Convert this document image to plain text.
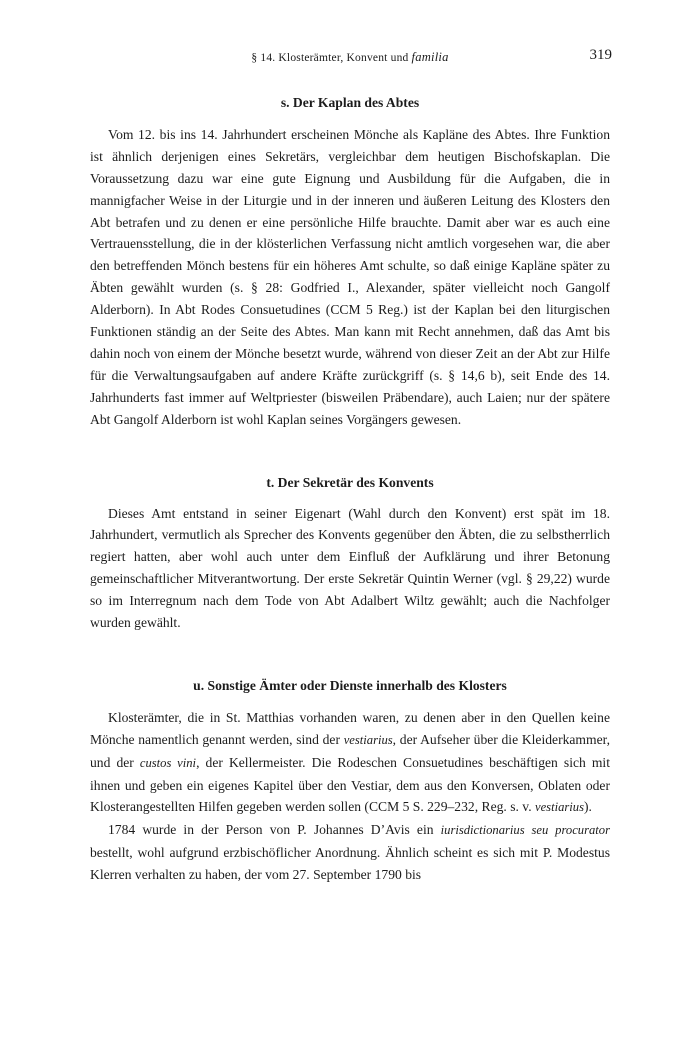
§ 14. Klosterämter, Konvent und familia	319
s. Der Kaplan des Abtes

Vom 12. bis ins 14. Jahrhundert erscheinen Mönche als Kapläne des Abtes. Ihre Funktion ist ähnlich derjenigen eines Sekretärs, vergleichbar dem heutigen Bischofskaplan. Die Voraussetzung dazu war eine gute Eignung und Ausbildung für die Aufgaben, die in mannigfacher Weise in der Liturgie und in der inneren und äußeren Leitung des Klosters den Abt betrafen und zu denen er eine persönliche Hilfe brauchte. Damit aber war es auch eine Vertrauensstellung, die in der klösterlichen Verfassung nicht amtlich vorgesehen war, die aber den betreffenden Mönch bestens für ein höheres Amt schulte, so daß einige Kapläne später zu Äbten gewählt wurden (s. § 28: Godfried I., Alexander, später vielleicht noch Gangolf Alderborn). In Abt Rodes Consuetudines (CCM 5 Reg.) ist der Kaplan bei den liturgischen Funktionen ständig an der Seite des Abtes. Man kann mit Recht annehmen, daß das Amt bis dahin noch von einem der Mönche besetzt wurde, während von dieser Zeit an der Abt zur Hilfe für die Verwaltungsaufgaben auf andere Kräfte zurückgriff (s. § 14,6 b), seit Ende des 14. Jahrhunderts fast immer auf Weltpriester (bisweilen Präbendare), auch Laien; nur der spätere Abt Gangolf Alderborn ist wohl Kaplan seines Vorgängers gewesen.

t. Der Sekretär des Konvents

Dieses Amt entstand in seiner Eigenart (Wahl durch den Konvent) erst spät im 18. Jahrhundert, vermutlich als Sprecher des Konvents gegenüber den Äbten, die zu selbstherrlich regiert hatten, aber wohl auch unter dem Einfluß der Aufklärung und ihrer Betonung gemeinschaftlicher Mitverantwortung. Der erste Sekretär Quintin Werner (vgl. § 29,22) wurde so im Interregnum nach dem Tode von Abt Adalbert Wiltz gewählt; auch die Nachfolger wurden gewählt.

u. Sonstige Ämter oder Dienste innerhalb des Klosters

Klosterämter, die in St. Matthias vorhanden waren, zu denen aber in den Quellen keine Mönche namentlich genannt werden, sind der vestiarius, der Aufseher über die Kleiderkammer, und der custos vini, der Kellermeister. Die Rodeschen Consuetudines beschäftigen sich mit ihnen und geben ein eigenes Kapitel über den Vestiar, dem aus den Konversen, Oblaten oder Klosterangestellten Hilfen gegeben werden sollen (CCM 5 S. 229–232, Reg. s. v. vestiarius).

1784 wurde in der Person von P. Johannes D’Avis ein iurisdictionarius seu procurator bestellt, wohl aufgrund erzbischöflicher Anordnung. Ähnlich scheint es sich mit P. Modestus Klerren verhalten zu haben, der vom 27. September 1790 bis
